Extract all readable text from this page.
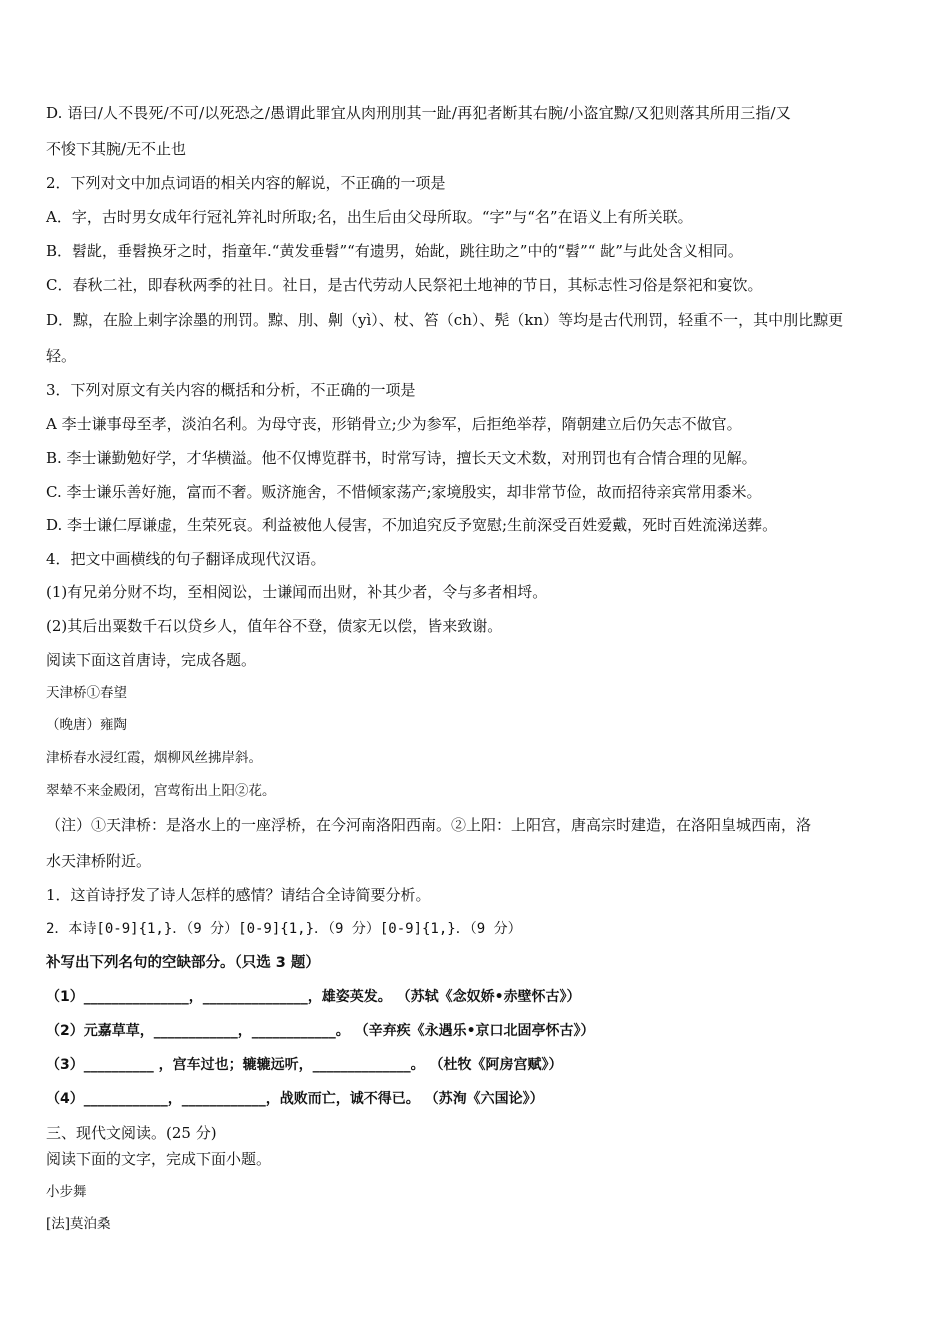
D. 语曰/人不畏死/不可/以死恐之/愚谓此罪宜从肉刑刖其一趾/再犯者断其右腕/小盗宜黥/又犯则落其所用三指/又
不悛下其腕/无不止也
2．下列对文中加点词语的相关内容的解说，不正确的一项是
A．字，古时男女成年行冠礼笄礼时所取;名，出生后由父母所取。“字”与“名”在语义上有所关联。
B．髫龀，垂髫换牙之时，指童年.“黄发垂髫”“有遗男，始龀，跳往助之”中的“髫”“ 龀”与此处含义相同。
C．春秋二社，即春秋两季的社日。社日，是古代劳动人民祭祀土地神的节日，其标志性习俗是祭祀和宴饮。
D．黥，在脸上刺字涂墨的刑罚。黥、刖、劓（yì）、杖、笞（ch）、髡（kn）等均是古代刑罚，轻重不一，其中刖比黥更
轻。
3．下列对原文有关内容的概括和分析，不正确的一项是
A 李士谦事母至孝，淡泊名利。为母守丧，形销骨立;少为参军，后拒绝举荐，隋朝建立后仍矢志不做官。
B. 李士谦勤勉好学，才华横溢。他不仅博览群书，时常写诗，擅长天文术数，对刑罚也有合情合理的见解。
C. 李士谦乐善好施，富而不奢。贩济施舍，不惜倾家荡产;家境殷实，却非常节俭，故而招待亲宾常用黍米。
D. 李士谦仁厚谦虚，生荣死哀。利益被他人侵害，不加追究反予宽慰;生前深受百姓爱戴，死时百姓流涕送葬。
4．把文中画横线的句子翻译成现代汉语。
(1)有兄弟分财不均，至相阅讼，士谦闻而出财，补其少者，令与多者相埒。
(2)其后出粟数千石以贷乡人，值年谷不登，债家无以偿，皆来致谢。
阅读下面这首唐诗，完成各题。
天津桥①春望
（晚唐）雍陶
津桥春水浸红霞，烟柳风丝拂岸斜。
翠辇不来金殿闭，宫莺衔出上阳②花。
（注）①天津桥：是洛水上的一座浮桥，在今河南洛阳西南。②上阳：上阳宫，唐高宗时建造，在洛阳皇城西南，洛
水天津桥附近。
1．这首诗抒发了诗人怎样的感情？请结合全诗简要分析。
2．本诗[0-9]{1,}．（9 分）[0-9]{1,}．（9 分）[0-9]{1,}．（9 分）
补写出下列名句的空缺部分。（只选 3 题）
（1）_______________，_______________，雄姿英发。 （苏轼《念奴娇•赤壁怀古》）
（2）元嘉草草，____________，____________。 （辛弃疾《永遇乐•京口北固亭怀古》）
（3）__________ ，宫车过也；辘辘远听，______________。 （杜牧《阿房宫赋》）
（4）____________，____________，战败而亡，诚不得已。 （苏洵《六国论》）
三、现代文阅读。(25 分)
阅读下面的文字，完成下面小题。
小步舞
[法]莫泊桑
